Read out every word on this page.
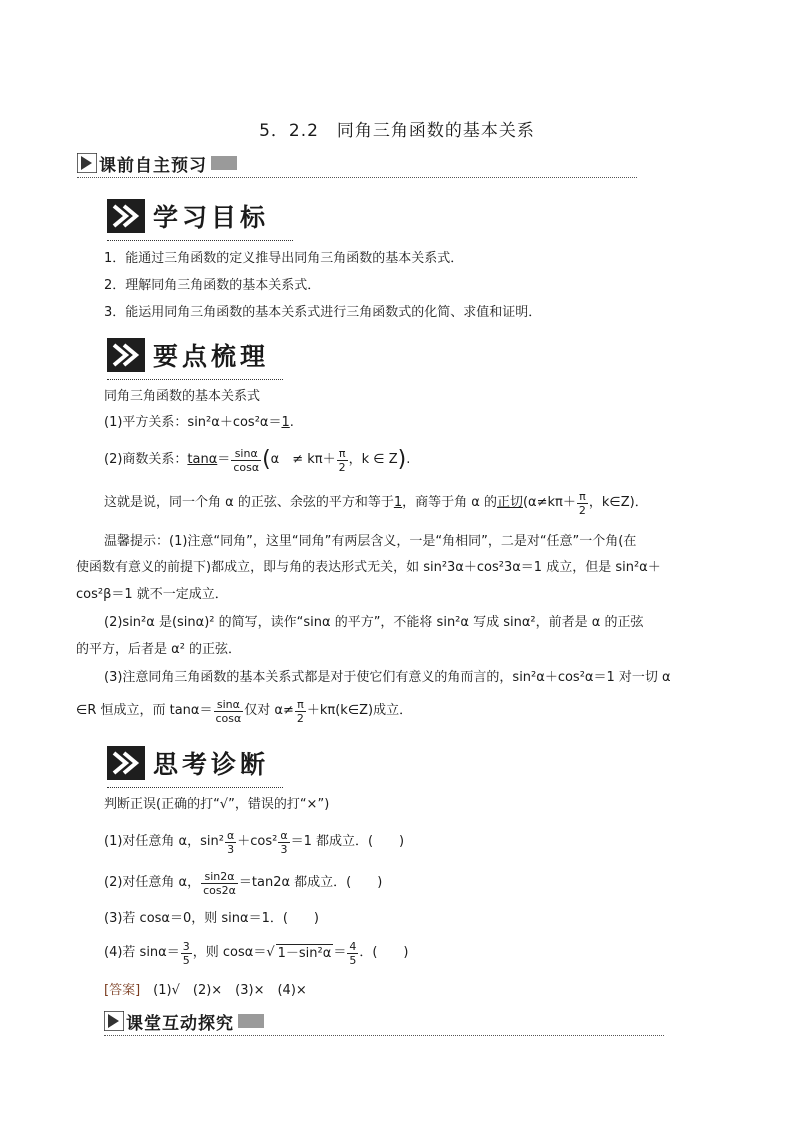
5．2.2　同角三角函数的基本关系
课前自主预习
学习目标
1．能通过三角函数的定义推导出同角三角函数的基本关系式．
2．理解同角三角函数的基本关系式．
3．能运用同角三角函数的基本关系式进行三角函数式的化简、求值和证明．
要点梳理
同角三角函数的基本关系式
(1)平方关系：sin²α＋cos²α＝1.
(2)商数关系： $\tan\alpha = \frac{\sin\alpha}{\cos\alpha}$ ( α　≠ $k\pi+ \frac{\pi}{2}$ ，k ∈ Z ) .
这就是说，同一个角 α 的正弦、余弦的平方和等于 1 ，商等于角 α 的 正切 ($\alpha\ne k\pi+ \frac{\pi}{2}$ ，k∈Z)．
温馨提示：(1)注意“同角”，这里“同角”有两层含义，一是“角相同”，二是对“任意”一个角(在
使函数有意义的前提下)都成立，即与角的表达形式无关，如 sin²3α＋cos²3α＝1 成立，但是 sin²α＋
cos²β＝1 就不一定成立．
(2)sin²α 是(sinα)² 的简写，读作“sinα 的平方”，不能将 sin²α 写成 sinα²，前者是 α 的正弦
的平方，后者是 α² 的正弦．
(3)注意同角三角函数的基本关系式都是对于使它们有意义的角而言的，sin²α＋cos²α＝1 对一切 α
∈R 恒成立，而 $\tan\alpha= \frac{\sin\alpha}{\cos\alpha}$ 仅对 $\alpha\ne \frac{\pi}{2}$ ＋kπ(k∈Z)成立．
思考诊断
判断正误(正确的打“√”，错误的打“×”)
(1)对任意角 α，$\sin^2 \frac{\alpha}{3} +\cos^2 \frac{\alpha}{3} =1$ 都成立．(　　)
(2)对任意角 α， $\frac{\sin 2\alpha}{\cos 2\alpha} =\tan 2\alpha$ 都成立．(　　)
(3)若 cosα＝0，则 sinα＝1．(　　)
(4)若 $\sin\alpha= \frac{3}{5}$ ，则 cosα＝ √ $1-\sin^2\alpha = \frac{4}{5}$ ．(　　)
[答案]　 (1)√　(2)×　(3)×　(4)×
课堂互动探究
